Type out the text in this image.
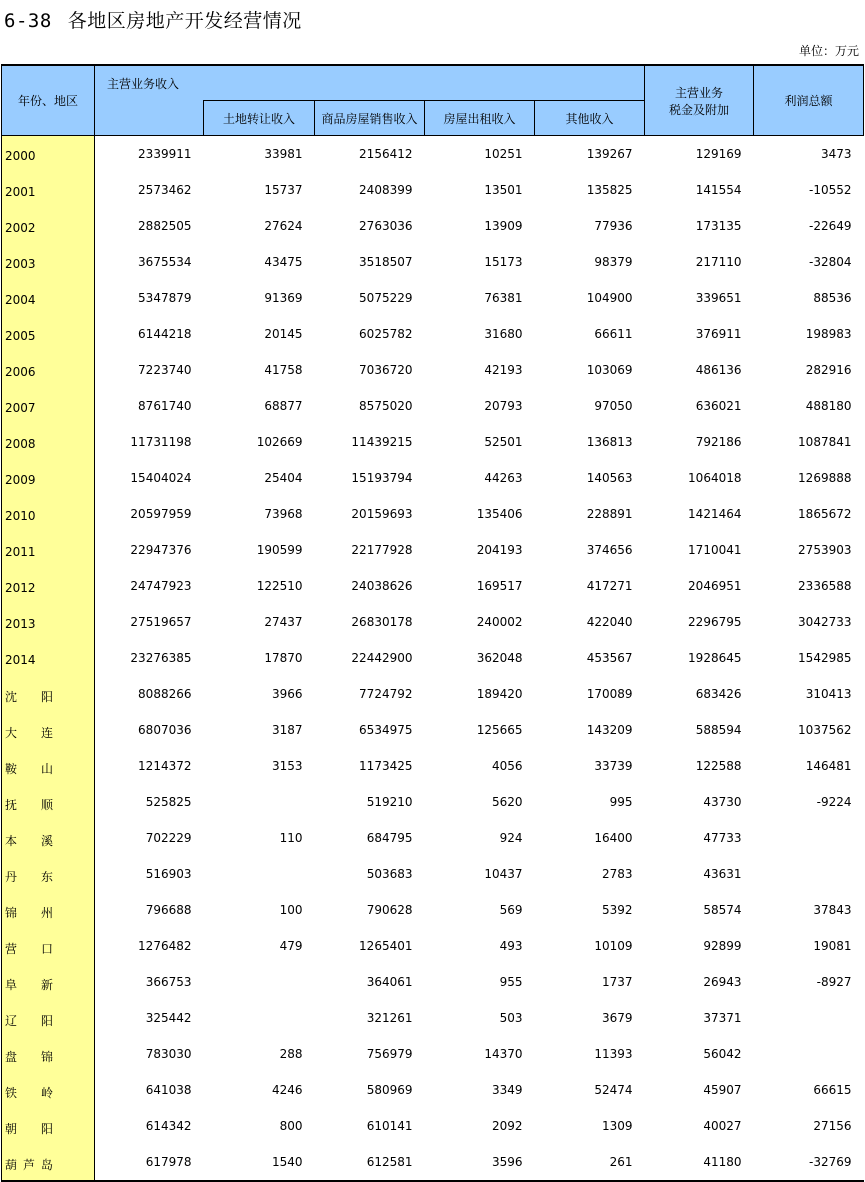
6-38 各地区房地产开发经营情况
单位：万元
年份、地区	主营业务收入					主营业务
税金及附加	利润总额
		土地转让收入	商品房屋销售收入	房屋出租收入	其他收入		
2000	2339911	33981	2156412	10251	139267	129169	3473
2001	2573462	15737	2408399	13501	135825	141554	-10552
2002	2882505	27624	2763036	13909	77936	173135	-22649
2003	3675534	43475	3518507	15173	98379	217110	-32804
2004	5347879	91369	5075229	76381	104900	339651	88536
2005	6144218	20145	6025782	31680	66611	376911	198983
2006	7223740	41758	7036720	42193	103069	486136	282916
2007	8761740	68877	8575020	20793	97050	636021	488180
2008	11731198	102669	11439215	52501	136813	792186	1087841
2009	15404024	25404	15193794	44263	140563	1064018	1269888
2010	20597959	73968	20159693	135406	228891	1421464	1865672
2011	22947376	190599	22177928	204193	374656	1710041	2753903
2012	24747923	122510	24038626	169517	417271	2046951	2336588
2013	27519657	27437	26830178	240002	422040	2296795	3042733
2014	23276385	17870	22442900	362048	453567	1928645	1542985
沈  阳	8088266	3966	7724792	189420	170089	683426	310413
大  连	6807036	3187	6534975	125665	143209	588594	1037562
鞍  山	1214372	3153	1173425	4056	33739	122588	146481
抚  顺	525825		519210	5620	995	43730	-9224
本  溪	702229	110	684795	924	16400	47733	
丹  东	516903		503683	10437	2783	43631	
锦  州	796688	100	790628	569	5392	58574	37843
营  口	1276482	479	1265401	493	10109	92899	19081
阜  新	366753		364061	955	1737	26943	-8927
辽  阳	325442		321261	503	3679	37371	
盘  锦	783030	288	756979	14370	11393	56042	
铁  岭	641038	4246	580969	3349	52474	45907	66615
朝  阳	614342	800	610141	2092	1309	40027	27156
葫 芦 岛	617978	1540	612581	3596	261	41180	-32769
